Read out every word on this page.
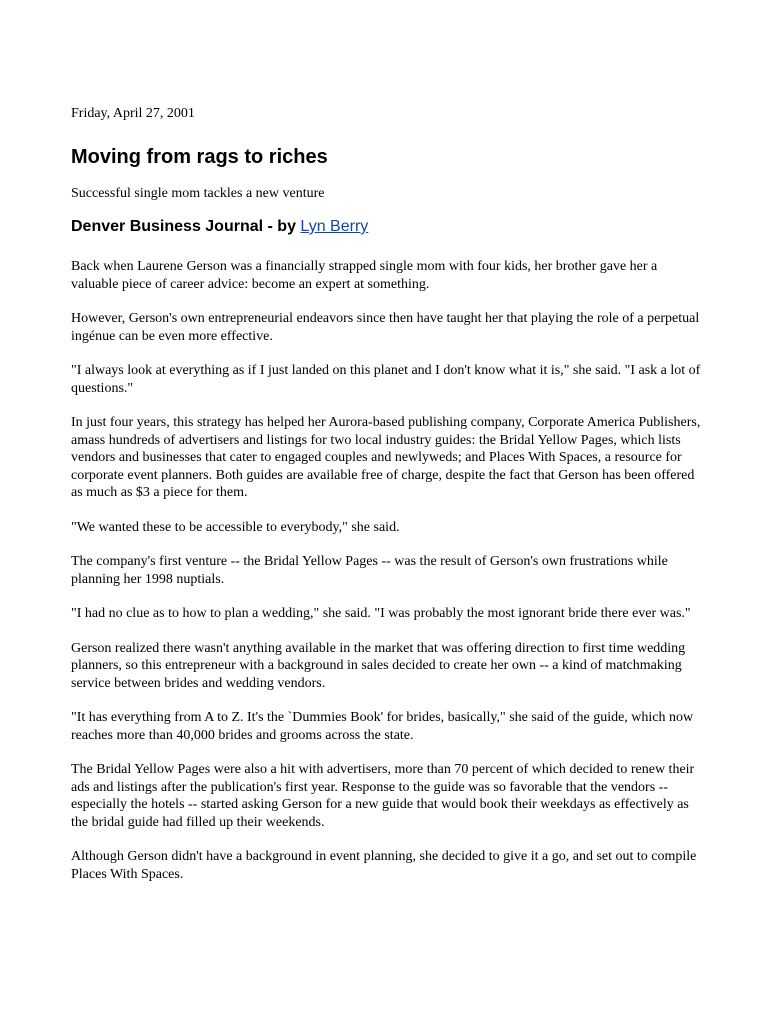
Friday, April 27, 2001
Moving from rags to riches
Successful single mom tackles a new venture
Denver Business Journal - by Lyn Berry

Back when Laurene Gerson was a financially strapped single mom with four kids, her brother gave her a valuable piece of career advice: become an expert at something.

However, Gerson's own entrepreneurial endeavors since then have taught her that playing the role of a perpetual ingénue can be even more effective.

"I always look at everything as if I just landed on this planet and I don't know what it is," she said. "I ask a lot of questions."

In just four years, this strategy has helped her Aurora-based publishing company, Corporate America Publishers, amass hundreds of advertisers and listings for two local industry guides: the Bridal Yellow Pages, which lists vendors and businesses that cater to engaged couples and newlyweds; and Places With Spaces, a resource for corporate event planners. Both guides are available free of charge, despite the fact that Gerson has been offered as much as $3 a piece for them.

"We wanted these to be accessible to everybody," she said.

The company's first venture -- the Bridal Yellow Pages -- was the result of Gerson's own frustrations while planning her 1998 nuptials.

"I had no clue as to how to plan a wedding," she said. "I was probably the most ignorant bride there ever was."

Gerson realized there wasn't anything available in the market that was offering direction to first time wedding planners, so this entrepreneur with a background in sales decided to create her own -- a kind of matchmaking service between brides and wedding vendors.

"It has everything from A to Z. It's the `Dummies Book' for brides, basically," she said of the guide, which now reaches more than 40,000 brides and grooms across the state.

The Bridal Yellow Pages were also a hit with advertisers, more than 70 percent of which decided to renew their ads and listings after the publication's first year. Response to the guide was so favorable that the vendors -- especially the hotels -- started asking Gerson for a new guide that would book their weekdays as effectively as the bridal guide had filled up their weekends.

Although Gerson didn't have a background in event planning, she decided to give it a go, and set out to compile Places With Spaces.
